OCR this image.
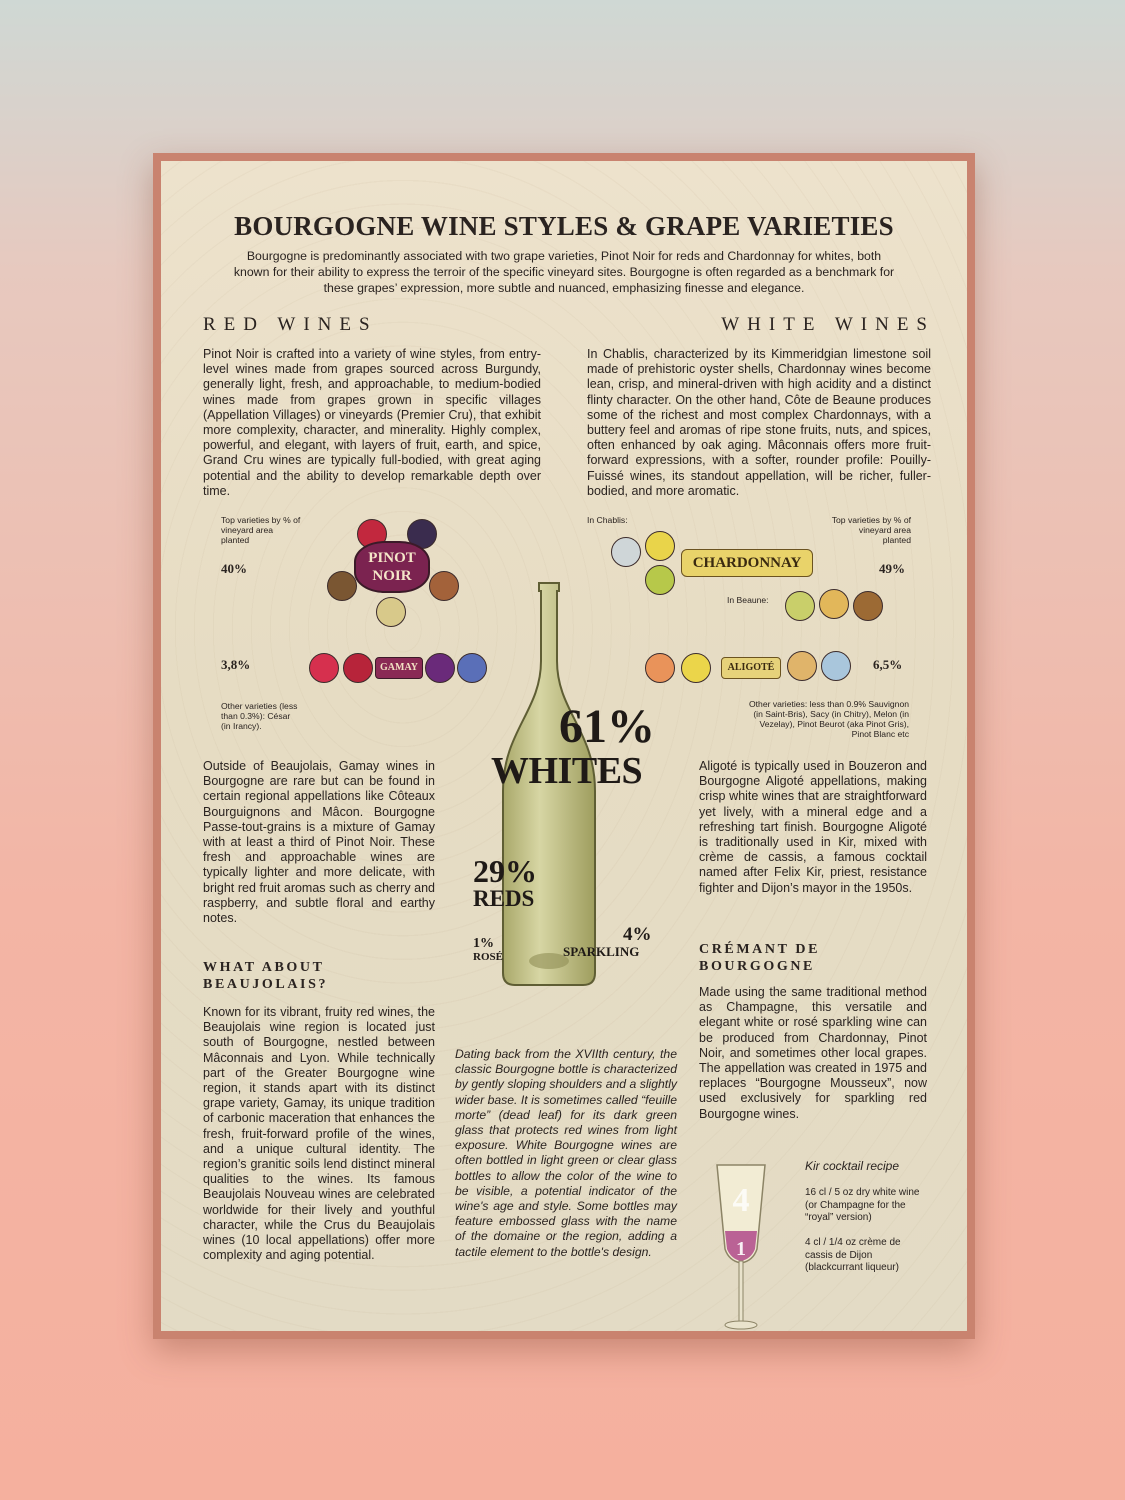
BOURGOGNE WINE STYLES & GRAPE VARIETIES
Bourgogne is predominantly associated with two grape varieties, Pinot Noir for reds and Chardonnay for whites, both known for their ability to express the terroir of the specific vineyard sites. Bourgogne is often regarded as a benchmark for these grapes’ expression, more subtle and nuanced, emphasizing finesse and elegance.
RED WINES
Pinot Noir is crafted into a variety of wine styles, from entry-level wines made from grapes sourced across Burgundy, generally light, fresh, and approachable, to medium-bodied wines made from grapes grown in specific villages (Appellation Villages) or vineyards (Premier Cru), that exhibit more complexity, character, and minerality. Highly complex, powerful, and elegant, with layers of fruit, earth, and spice, Grand Cru wines are typically full-bodied, with great aging potential and the ability to develop remarkable depth over time.
WHITE WINES
In Chablis, characterized by its Kimmeridgian limestone soil made of prehistoric oyster shells, Chardonnay wines become lean, crisp, and mineral-driven with high acidity and a distinct flinty character. On the other hand, Côte de Beaune produces some of the richest and most complex Chardonnays, with a buttery feel and aromas of ripe stone fruits, nuts, and spices, often enhanced by oak aging. Mâconnais offers more fruit-forward expressions, with a softer, rounder profile: Pouilly-Fuissé wines, its standout appellation, will be richer, fuller-bodied, and more aromatic.
Top varieties by % of vineyard area planted
40%
PINOT
NOIR
3,8%	GAMAY
Other varieties (less than 0.3%): César (in Irancy).
In Chablis:	Top varieties by % of vineyard area planted
CHARDONNAY	49%
In Beaune:
ALIGOTÉ	6,5%
Other varieties: less than 0.9% Sauvignon (in Saint-Bris), Sacy (in Chitry), Melon (in Vezelay), Pinot Beurot (aka Pinot Gris), Pinot Blanc etc
61%
WHITES
29%
REDS
1%
ROSÉ
4%
SPARKLING
Dating back from the XVIIth century, the classic Bourgogne bottle is characterized by gently sloping shoulders and a slightly wider base. It is sometimes called “feuille morte” (dead leaf) for its dark green glass that protects red wines from light exposure. White Bourgogne wines are often bottled in light green or clear glass bottles to allow the color of the wine to be visible, a potential indicator of the wine's age and style. Some bottles may feature embossed glass with the name of the domaine or the region, adding a tactile element to the bottle's design.
Outside of Beaujolais, Gamay wines in Bourgogne are rare but can be found in certain regional appellations like Côteaux Bourguignons and Mâcon. Bourgogne Passe-tout-grains is a mixture of Gamay with at least a third of Pinot Noir. These fresh and approachable wines are typically lighter and more delicate, with bright red fruit aromas such as cherry and raspberry, and subtle floral and earthy notes.
Aligoté is typically used in Bouzeron and Bourgogne Aligoté appellations, making crisp white wines that are straightforward yet lively, with a mineral edge and a refreshing tart finish. Bourgogne Aligoté is traditionally used in Kir, mixed with crème de cassis, a famous cocktail named after Felix Kir, priest, resistance fighter and Dijon’s mayor in the 1950s.
WHAT ABOUT BEAUJOLAIS?
Known for its vibrant, fruity red wines, the Beaujolais wine region is located just south of Bourgogne, nestled between Mâconnais and Lyon. While technically part of the Greater Bourgogne wine region, it stands apart with its distinct grape variety, Gamay, its unique tradition of carbonic maceration that enhances the fresh, fruit-forward profile of the wines, and a unique cultural identity. The region’s granitic soils lend distinct mineral qualities to the wines. Its famous Beaujolais Nouveau wines are celebrated worldwide for their lively and youthful character, while the Crus du Beaujolais wines (10 local appellations) offer more complexity and aging potential.
CRÉMANT DE BOURGOGNE
Made using the same traditional method as Champagne, this versatile and elegant white or rosé sparkling wine can be produced from Chardonnay, Pinot Noir, and sometimes other local grapes. The appellation was created in 1975 and replaces “Bourgogne Mousseux”, now used exclusively for sparkling red Bourgogne wines.
4
1
Kir cocktail recipe
16 cl / 5 oz dry white wine (or Champagne for the “royal” version)
4 cl / 1/4 oz crème de cassis de Dijon (blackcurrant liqueur)
